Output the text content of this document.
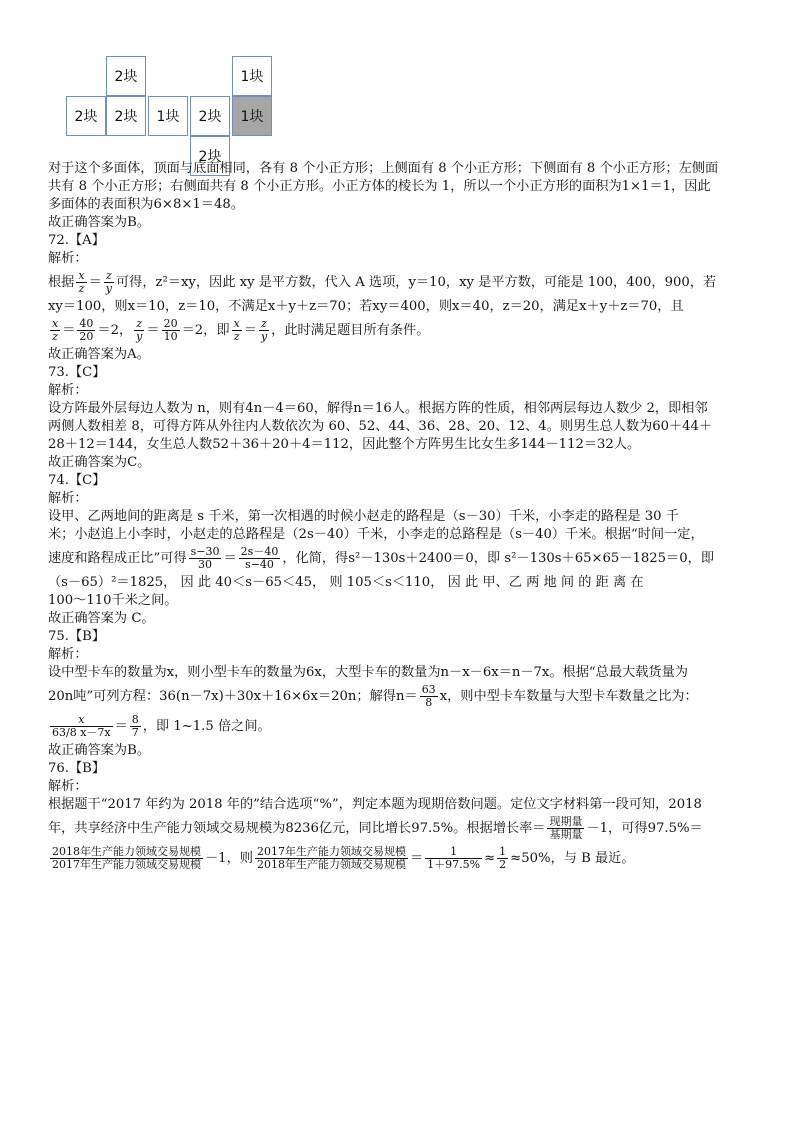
2块	1块
2块	2块	1块	2块	1块
2块
对于这个多面体，顶面与底面相同，各有 8 个小正方形；上侧面有 8 个小正方形；下侧面有 8 个小正方形；左侧面
共有 8 个小正方形；右侧面共有 8 个小正方形。小正方体的棱长为 1，所以一个小正方形的面积为1×1＝1，因此
多面体的表面积为6×8×1＝48。
故正确答案为B。
72.【A】
解析：
根据 $\frac{x}{z} = \frac{z}{y}$ 可得，z²＝xy，因此 xy 是平方数，代入 A 选项，y＝10，xy 是平方数，可能是 100，400，900，若
xy＝100，则x＝10，z＝10，不满足x＋y＋z＝70；若xy＝400，则x＝40，z＝20，满足x＋y＋z＝70，且
$\frac{x}{z} = \frac{40}{20} =2$， $\frac{z}{y} = \frac{20}{10} =2$，即 $\frac{x}{z} = \frac{z}{y}$ ，此时满足题目所有条件。
故正确答案为A。
73.【C】
解析：
设方阵最外层每边人数为 n，则有4n－4＝60，解得n＝16人。根据方阵的性质，相邻两层每边人数少 2，即相邻
两侧人数相差 8，可得方阵从外往内人数依次为 60、52、44、36、28、20、12、4。则男生总人数为60＋44＋
28＋12＝144，女生总人数52＋36＋20＋4＝112，因此整个方阵男生比女生多144－112＝32人。
故正确答案为C。
74.【C】
解析：
设甲、乙两地间的距离是 s 千米，第一次相遇的时候小赵走的路程是（s－30）千米，小李走的路程是 30 千
米；小赵追上小李时，小赵走的总路程是（2s－40）千米，小李走的总路程是（s－40）千米。根据“时间一定，
速度和路程成正比”可得 $\frac{s-30}{30} = \frac{2s-40}{s-40}$ ，化简，得s²－130s＋2400＝0，即 s²－130s＋65×65－1825＝0，即
（s－65）²＝1825， 因 此 40＜s－65＜45， 则 105＜s＜110， 因 此 甲、乙 两 地 间 的 距 离 在
100～110千米之间。
故正确答案为 C。
75.【B】
解析：
设中型卡车的数量为x，则小型卡车的数量为6x，大型卡车的数量为n－x－6x＝n－7x。根据“总最大载货量为
20n吨”可列方程：36(n－7x)＋30x＋16×6x＝20n；解得$n= \frac{63}{8}$ x，则中型卡车数量与大型卡车数量之比为：
$\frac{x}{63/8 x-7x} = \frac{8}{7}$ ，即 1~1.5 倍之间。
故正确答案为B。
76.【B】
解析：
根据题干“2017 年约为 2018 年的”结合选项“%”，判定本题为现期倍数问题。定位文字材料第一段可知，2018
年，共享经济中生产能力领域交易规模为8236亿元，同比增长97.5%。根据增长率＝ $\frac{\text{现期量}}{\text{基期量}} -1$，可得97.5%＝
$\frac{\text{2018年生产能力领域交易规模}}{\text{2017年生产能力领域交易规模}} -1$，则 $\frac{\text{2017年生产能力领域交易规模}}{\text{2018年生产能力领域交易规模}} = \frac{1}{1+97.5\%} \approx \frac{1}{2} \approx 50\%$，与 B 最近。
